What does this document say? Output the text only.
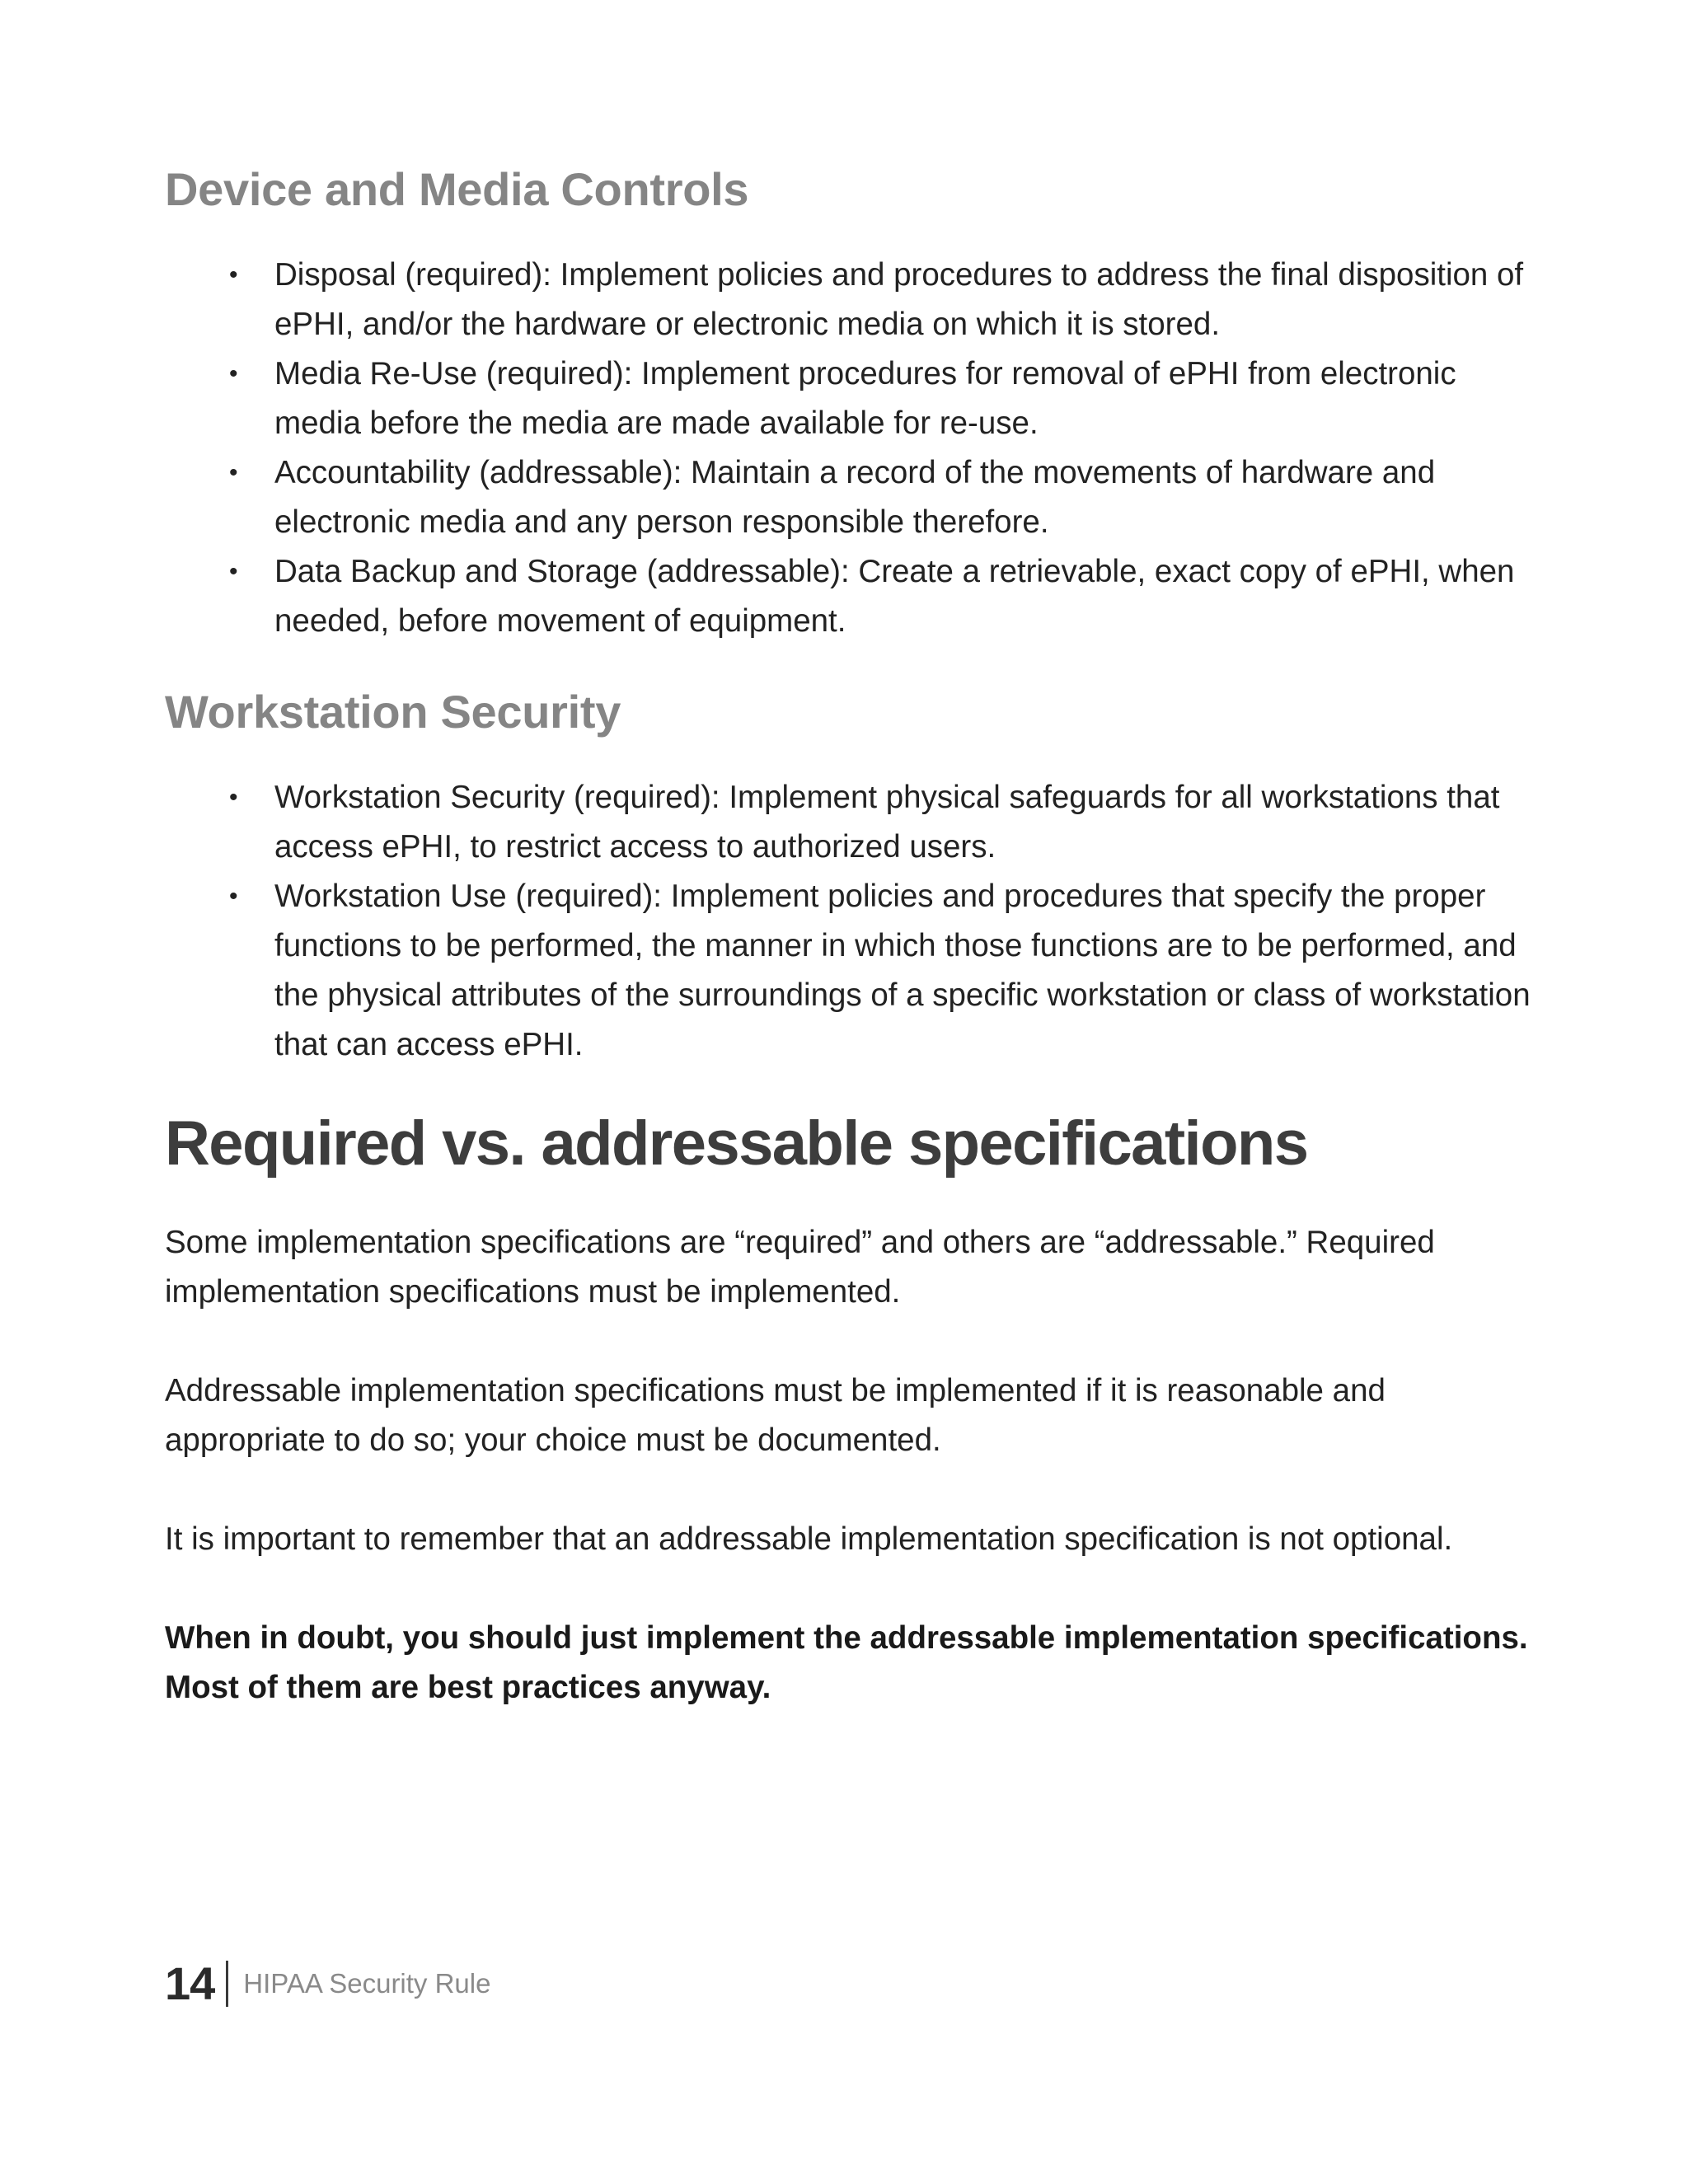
Device and Media Controls
• Disposal (required): Implement policies and procedures to address the final disposition of ePHI, and/or the hardware or electronic media on which it is stored.
• Media Re-Use (required): Implement procedures for removal of ePHI from electronic media before the media are made available for re-use.
• Accountability (addressable): Maintain a record of the movements of hardware and electronic media and any person responsible therefore.
• Data Backup and Storage (addressable): Create a retrievable, exact copy of ePHI, when needed, before movement of equipment.
Workstation Security
• Workstation Security (required): Implement physical safeguards for all workstations that access ePHI, to restrict access to authorized users.
• Workstation Use (required): Implement policies and procedures that specify the proper functions to be performed, the manner in which those functions are to be performed, and the physical attributes of the surroundings of a specific workstation or class of workstation that can access ePHI.
Required vs. addressable specifications

Some implementation specifications are “required” and others are “addressable.” Required implementation specifications must be implemented.

Addressable implementation specifications must be implemented if it is reasonable and appropriate to do so; your choice must be documented.

It is important to remember that an addressable implementation specification is not optional.

When in doubt, you should just implement the addressable implementation specifications. Most of them are best practices anyway.

14 HIPAA Security Rule
